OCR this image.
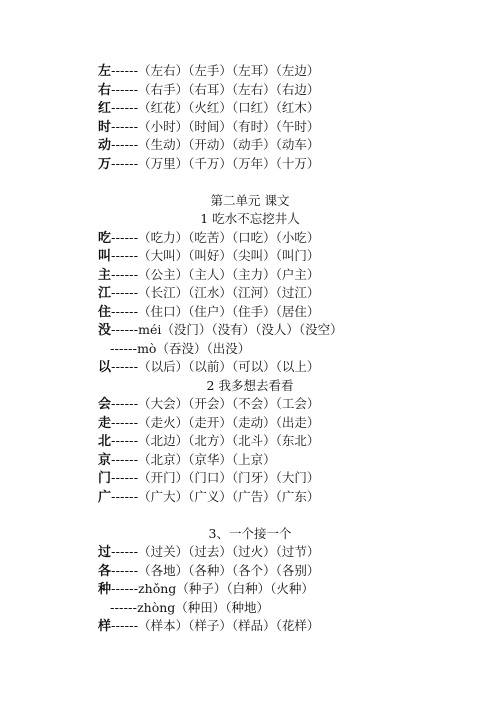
左------（左右）（左手）（左耳）（左边）
右------（右手）（右耳）（左右）（右边）
红------（红花）（火红）（口红）（红木）
时------（小时）（时间）（有时）（午时）
动------（生动）（开动）（动手）（动车）
万------（万里）（千万）（万年）（十万）
第二单元 课文
1 吃水不忘挖井人
吃------（吃力）（吃苦）（口吃）（小吃）
叫------（大叫）（叫好）（尖叫）（叫门）
主------（公主）（主人）（主力）（户主）
江------（长江）（江水）（江河）（过江）
住------（住口）（住户）（住手）（居住）
没------méi（没门）（没有）（没人）（没空）
------mò（吞没）（出没）
以------（以后）（以前）（可以）（以上）
2 我多想去看看
会------（大会）（开会）（不会）（工会）
走------（走火）（走开）（走动）（出走）
北------（北边）（北方）（北斗）（东北）
京------（北京）（京华）（上京）
门------（开门）（门口）（门牙）（大门）
广------（广大）（广义）（广告）（广东）
3、一个接一个
过------（过关）（过去）（过火）（过节）
各------（各地）（各种）（各个）（各别）
种------zhǒng（种子）（白种）（火种）
------zhòng（种田）（种地）
样------（样本）（样子）（样品）（花样）
